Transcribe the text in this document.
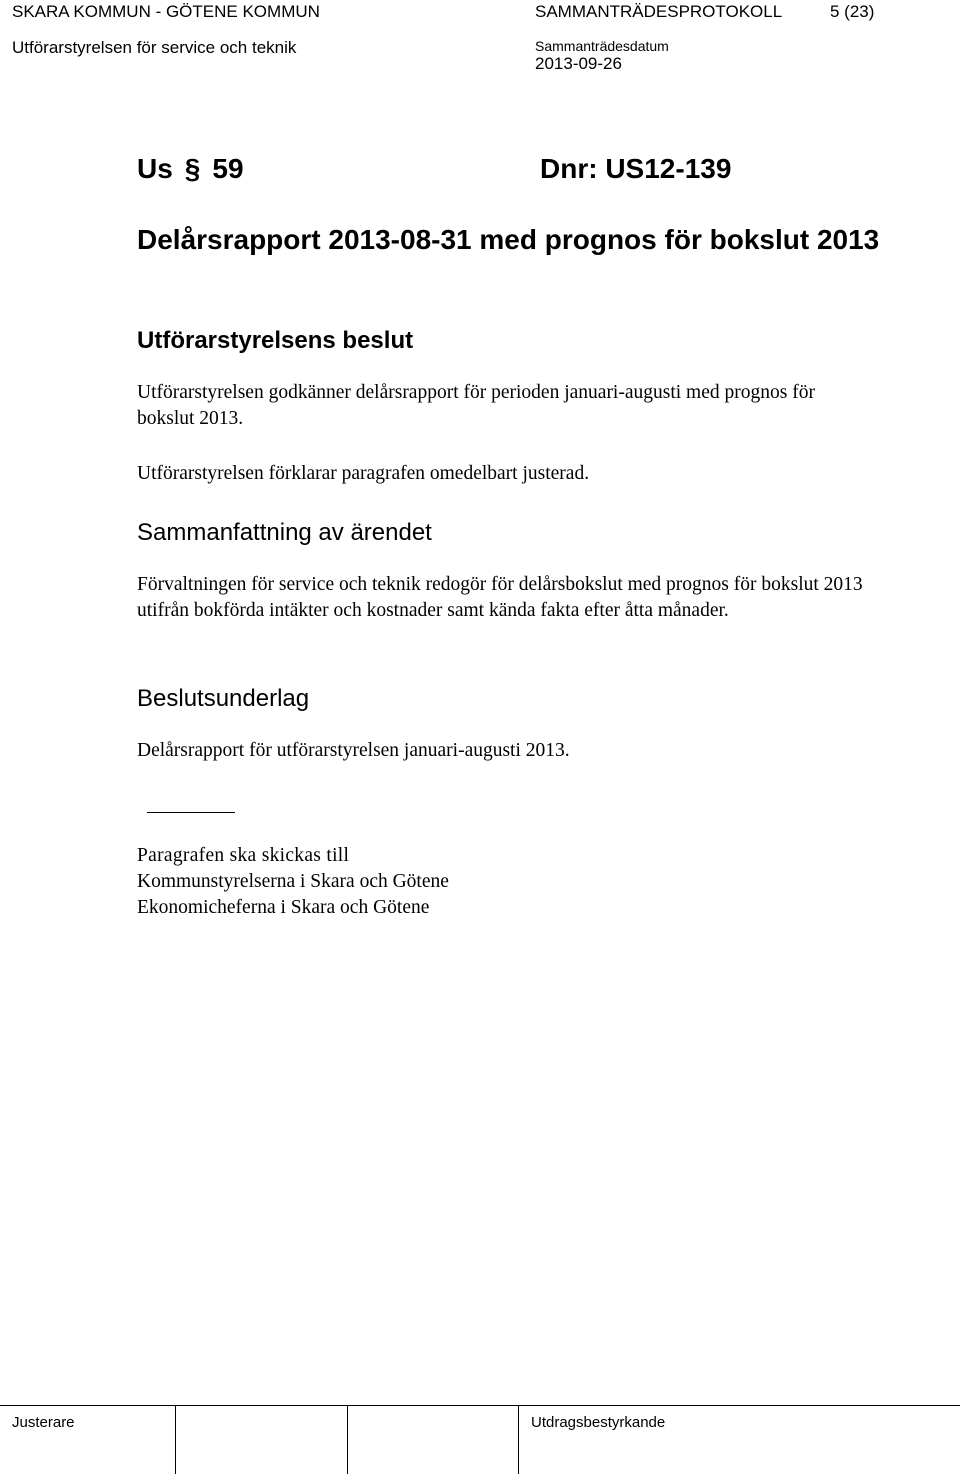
SKARA KOMMUN - GÖTENE KOMMUN	SAMMANTRÄDESPROTOKOLL	5 (23)
Utförarstyrelsen för service och teknik	Sammanträdesdatum
2013-09-26
Us § 59	Dnr: US12-139
Delårsrapport 2013-08-31 med prognos för bokslut 2013
Utförarstyrelsens beslut
Utförarstyrelsen godkänner delårsrapport för perioden januari-augusti med prognos för bokslut 2013.
Utförarstyrelsen förklarar paragrafen omedelbart justerad.
Sammanfattning av ärendet
Förvaltningen för service och teknik redogör för delårsbokslut med prognos för bokslut 2013 utifrån bokförda intäkter och kostnader samt kända fakta efter åtta månader.
Beslutsunderlag
Delårsrapport för utförarstyrelsen januari-augusti 2013.
Paragrafen ska skickas till
Kommunstyrelserna i Skara och Götene
Ekonomicheferna i Skara och Götene
Justerare	Utdragsbestyrkande
